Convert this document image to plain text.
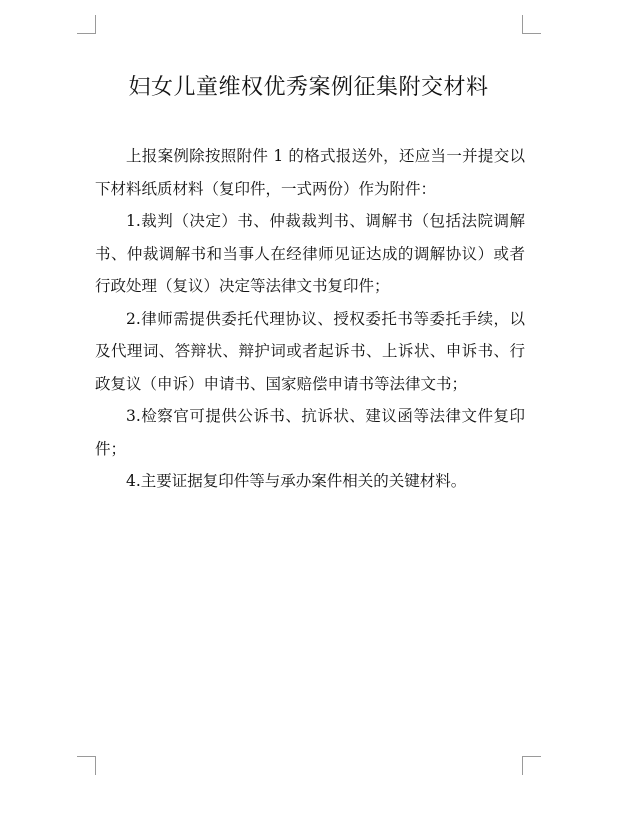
妇女儿童维权优秀案例征集附交材料

上报案例除按照附件 1 的格式报送外，还应当一并提交以下材料纸质材料（复印件，一式两份）作为附件：

1.裁判（决定）书、仲裁裁判书、调解书（包括法院调解书、仲裁调解书和当事人在经律师见证达成的调解协议）或者行政处理（复议）决定等法律文书复印件；

2.律师需提供委托代理协议、授权委托书等委托手续，以及代理词、答辩状、辩护词或者起诉书、上诉状、申诉书、行政复议（申诉）申请书、国家赔偿申请书等法律文书；

3.检察官可提供公诉书、抗诉状、建议函等法律文件复印件；

4.主要证据复印件等与承办案件相关的关键材料。
